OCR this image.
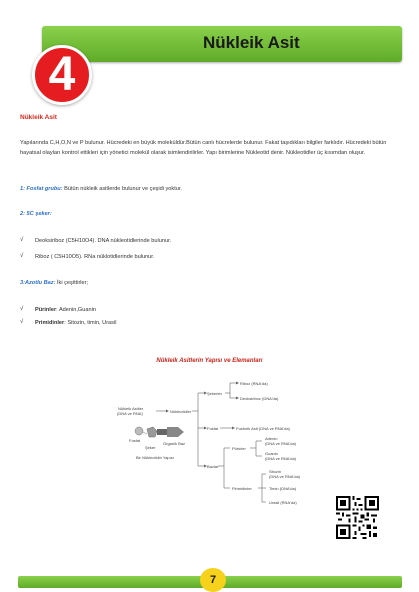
Nükleik Asit
4
Nükleik Asit
Yapılarında C,H,O,N ve P bulunur. Hücredeki en büyük moleküldür.Bütün canlı hücrelerde bulunur. Fakat taşıdıkları bilgiler farklıdır. Hücredeki bütün hayatsal olayları kontrol ettikleri için yönetici molekül olarak isimlendirilirler. Yapı birimlerine Nükleotid denir. Nükleotidler üç kısımdan oluşur.
1: Fosfat grubu: Bütün nükleik asitlerde bulunur ve çeşidi yoktur.
2: 5C şeker:
√ Deoksiriboz (C5H10O4). DNA nükleotidlerinde bulunur.
√ Riboz ( C5H10O5). RNa nüklotidlerinde bulunur.
3:Azotlu Baz: İki çeşittirler;
√ Pürinler: Adenin,Guanin
√ Primidinler: Sitozin, timin, Urasil
Nükleik Asitlerin Yapısı ve Elemanları
Nükleik Asitler
(DNA ve RNA)	Nükleotidler
Fosfat
Şeker
Organik Baz
Bir Nükleotidin Yapısı
Şekerler
Riboz (RNA'da)
Deoksiriboz (DNA'da)
Fosfat	Fosforik Asit (DNA ve RNA'da)
Bazlar
Pürinler
Adenin
(DNA ve RNA'da)
Guanin
(DNA ve RNA'da)
Pirimidinler
Sitozin
(DNA ve RNA'da)
Timin (DNA'da)
Urasil (RNA'da)
7
